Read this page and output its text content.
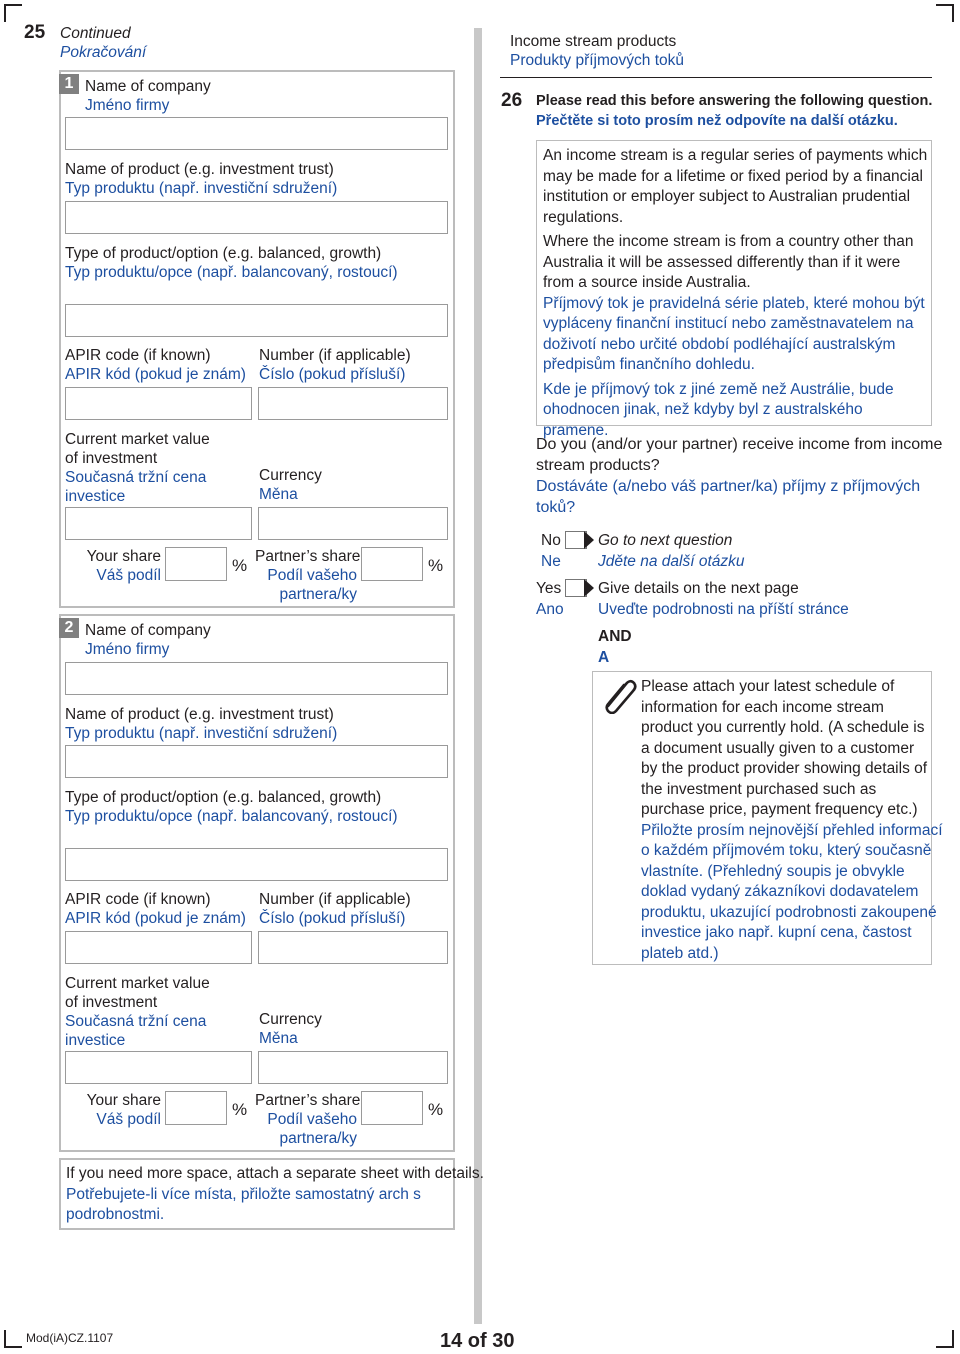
25 Continued
Pokračování
1 Name of company
Jméno firmy
Name of product (e.g. investment trust)
Typ produktu (např. investiční sdružení)
Type of product/option (e.g. balanced, growth)
Typ produktu/opce (např. balancovaný, rostoucí)
APIR code (if known)
APIR kód (pokud je znám)
Number (if applicable)
Číslo (pokud přísluší)
Current market value
of investment
Současná tržní cena
investice
Currency
Měna
Your share
Váš podíl
% Partner’s share
Podíl vašeho
partnera/ky
%
2 Name of company
Jméno firmy
Name of product (e.g. investment trust)
Typ produktu (např. investiční sdružení)
Type of product/option (e.g. balanced, growth)
Typ produktu/opce (např. balancovaný, rostoucí)
APIR code (if known)
APIR kód (pokud je znám)
Number (if applicable)
Číslo (pokud přísluší)
Current market value
of investment
Současná tržní cena
investice
Currency
Měna
Your share
Váš podíl
% Partner’s share
Podíl vašeho
partnera/ky
%
If you need more space, attach a separate sheet with details.
Potřebujete-li více místa, přiložte samostatný arch s
podrobnostmi.
Income stream products
Produkty příjmových toků
26 Please read this before answering the following question.
Přečtěte si toto prosím než odpovíte na další otázku.
An income stream is a regular series of payments which
may be made for a lifetime or fixed period by a financial
institution or employer subject to Australian prudential
regulations.
Where the income stream is from a country other than
Australia it will be assessed differently than if it were
from a source inside Australia.
Příjmový tok je pravidelná série plateb, které mohou být
vypláceny finanční institucí nebo zaměstnavatelem na
doživotí nebo určité období podléhající australským
předpisům finančního dohledu.
Kde je příjmový tok z jiné země než Austrálie, bude
ohodnocen jinak, než kdyby byl z australského pramene.
Do you (and/or your partner) receive income from income
stream products?
Dostáváte (a/nebo váš partner/ka) příjmy z příjmových
toků?
No
Ne
Go to next question
Jděte na další otázku
Yes
Ano
Give details on the next page
Uveďte podrobnosti na příští stránce
AND
A
Please attach your latest schedule of
information for each income stream
product you currently hold. (A schedule is
a document usually given to a customer
by the product provider showing details of
the investment purchased such as
purchase price, payment frequency etc.)
Přiložte prosím nejnovější přehled informací
o každém příjmovém toku, který současně
vlastníte. (Přehledný soupis je obvykle
doklad vydaný zákazníkovi dodavatelem
produktu, ukazující podrobnosti zakoupené
investice jako např. kupní cena, častost
plateb atd.)
Mod(iA)CZ.1107	14 of 30
